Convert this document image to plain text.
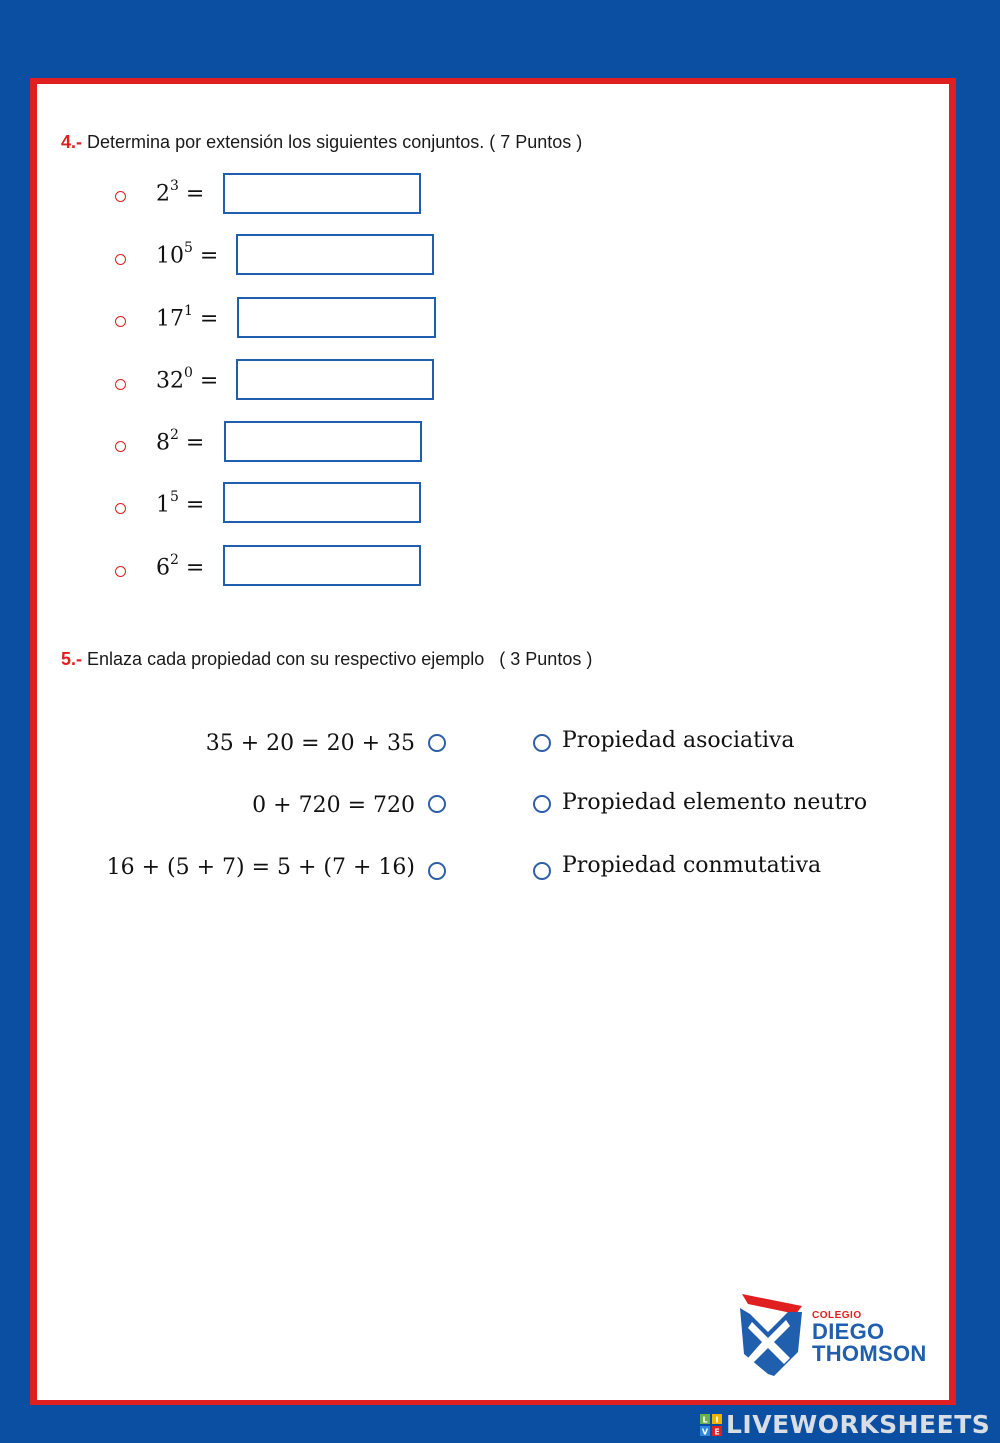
4.- Determina por extensión los siguientes conjuntos. ( 7 Puntos )
$2^3$ =
$10^5$ =
$17^1$ =
$32^0$ =
$8^2$ =
$1^5$ =
$6^2$ =
5.- Enlaza cada propiedad con su respectivo ejemplo   ( 3 Puntos )
35 + 20 = 20 + 35
0 + 720 = 720
16 + (5 + 7) = 5 + (7 + 16)
Propiedad asociativa
Propiedad elemento neutro
Propiedad conmutativa
COLEGIO
DIEGO
THOMSON
L I
V E LIVEWORKSHEETS
